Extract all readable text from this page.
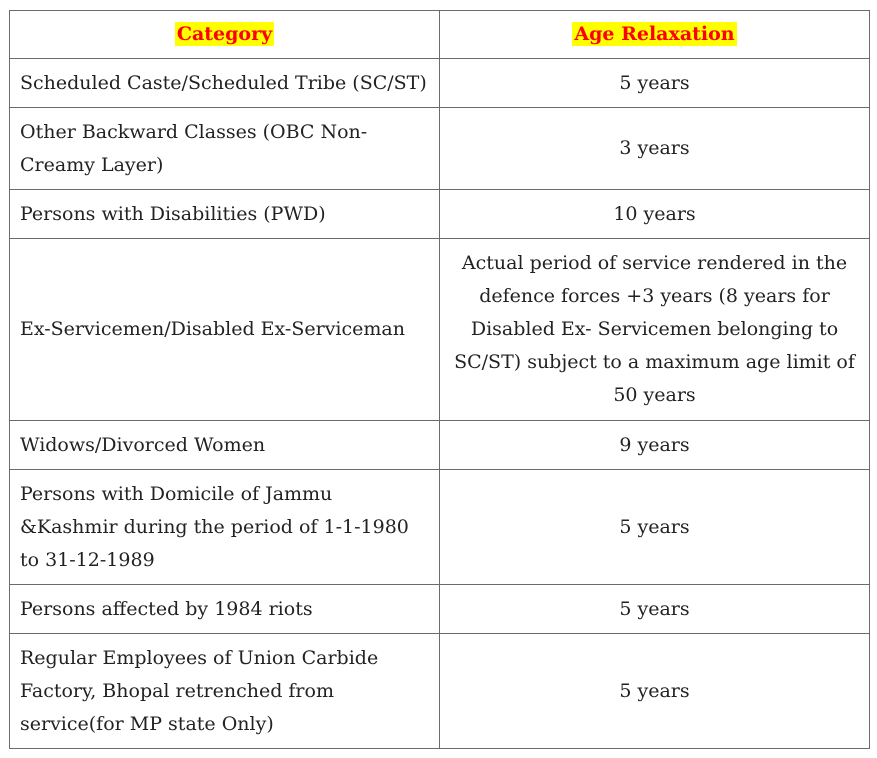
Category	Age Relaxation
Scheduled Caste/Scheduled Tribe (SC/ST)	5 years
Other Backward Classes (OBC Non-Creamy Layer)	3 years
Persons with Disabilities (PWD)	10 years
Ex-Servicemen/Disabled Ex-Serviceman	Actual period of service rendered in the defence forces +3 years (8 years for Disabled Ex- Servicemen belonging to SC/ST) subject to a maximum age limit of 50 years
Widows/Divorced Women	9 years
Persons with Domicile of Jammu &Kashmir during the period of 1-1-1980 to 31-12-1989	5 years
Persons affected by 1984 riots	5 years
Regular Employees of Union Carbide Factory, Bhopal retrenched from service(for MP state Only)	5 years
